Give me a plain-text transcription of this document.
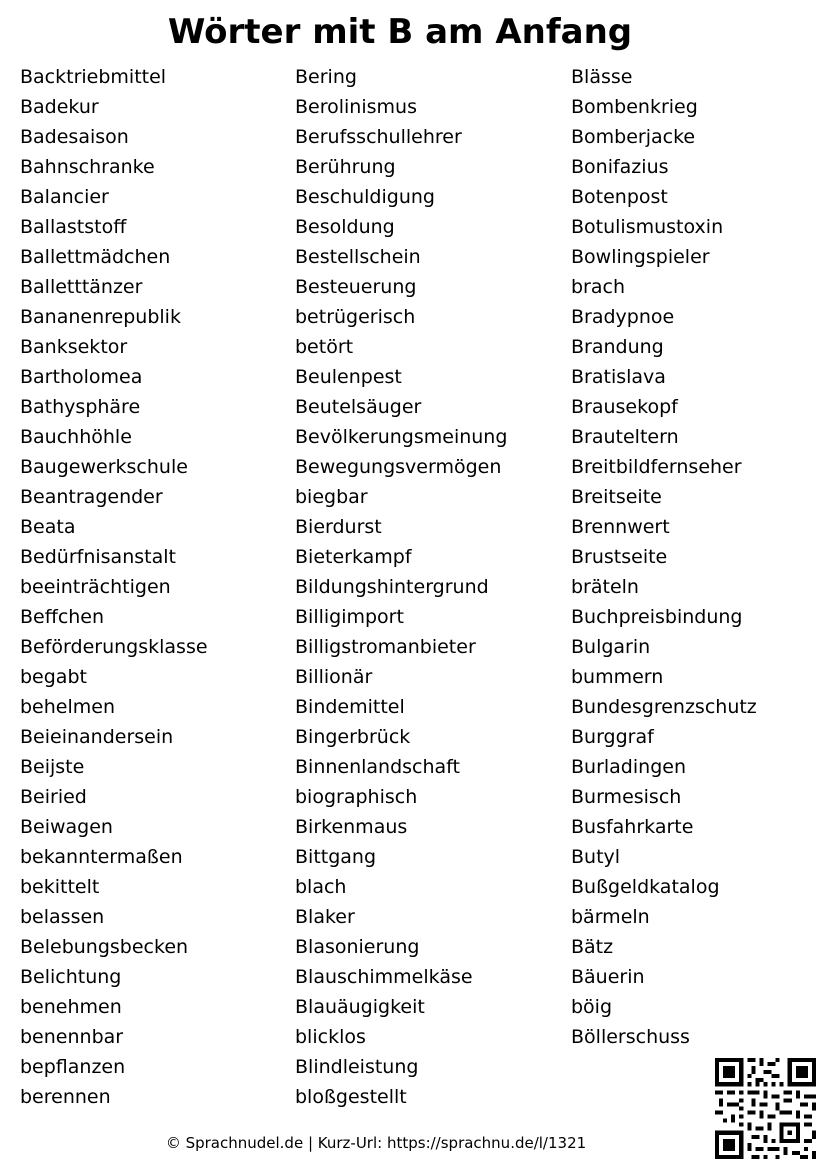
Wörter mit B am Anfang
Backtriebmittel
Badekur
Badesaison
Bahnschranke
Balancier
Ballaststoff
Ballettmädchen
Balletttänzer
Bananenrepublik
Banksektor
Bartholomea
Bathysphäre
Bauchhöhle
Baugewerkschule
Beantragender
Beata
Bedürfnisanstalt
beeinträchtigen
Beffchen
Beförderungsklasse
begabt
behelmen
Beieinandersein
Beijste
Beiried
Beiwagen
bekanntermaßen
bekittelt
belassen
Belebungsbecken
Belichtung
benehmen
benennbar
bepflanzen
berennen
Bering
Berolinismus
Berufsschullehrer
Berührung
Beschuldigung
Besoldung
Bestellschein
Besteuerung
betrügerisch
betört
Beulenpest
Beutelsäuger
Bevölkerungsmeinung
Bewegungsvermögen
biegbar
Bierdurst
Bieterkampf
Bildungshintergrund
Billigimport
Billigstromanbieter
Billionär
Bindemittel
Bingerbrück
Binnenlandschaft
biographisch
Birkenmaus
Bittgang
blach
Blaker
Blasonierung
Blauschimmelkäse
Blauäugigkeit
blicklos
Blindleistung
bloßgestellt
Blässe
Bombenkrieg
Bomberjacke
Bonifazius
Botenpost
Botulismustoxin
Bowlingspieler
brach
Bradypnoe
Brandung
Bratislava
Brausekopf
Brauteltern
Breitbildfernseher
Breitseite
Brennwert
Brustseite
bräteln
Buchpreisbindung
Bulgarin
bummern
Bundesgrenzschutz
Burggraf
Burladingen
Burmesisch
Busfahrkarte
Butyl
Bußgeldkatalog
bärmeln
Bätz
Bäuerin
böig
Böllerschuss
© Sprachnudel.de | Kurz-Url: https://sprachnu.de/l/1321
